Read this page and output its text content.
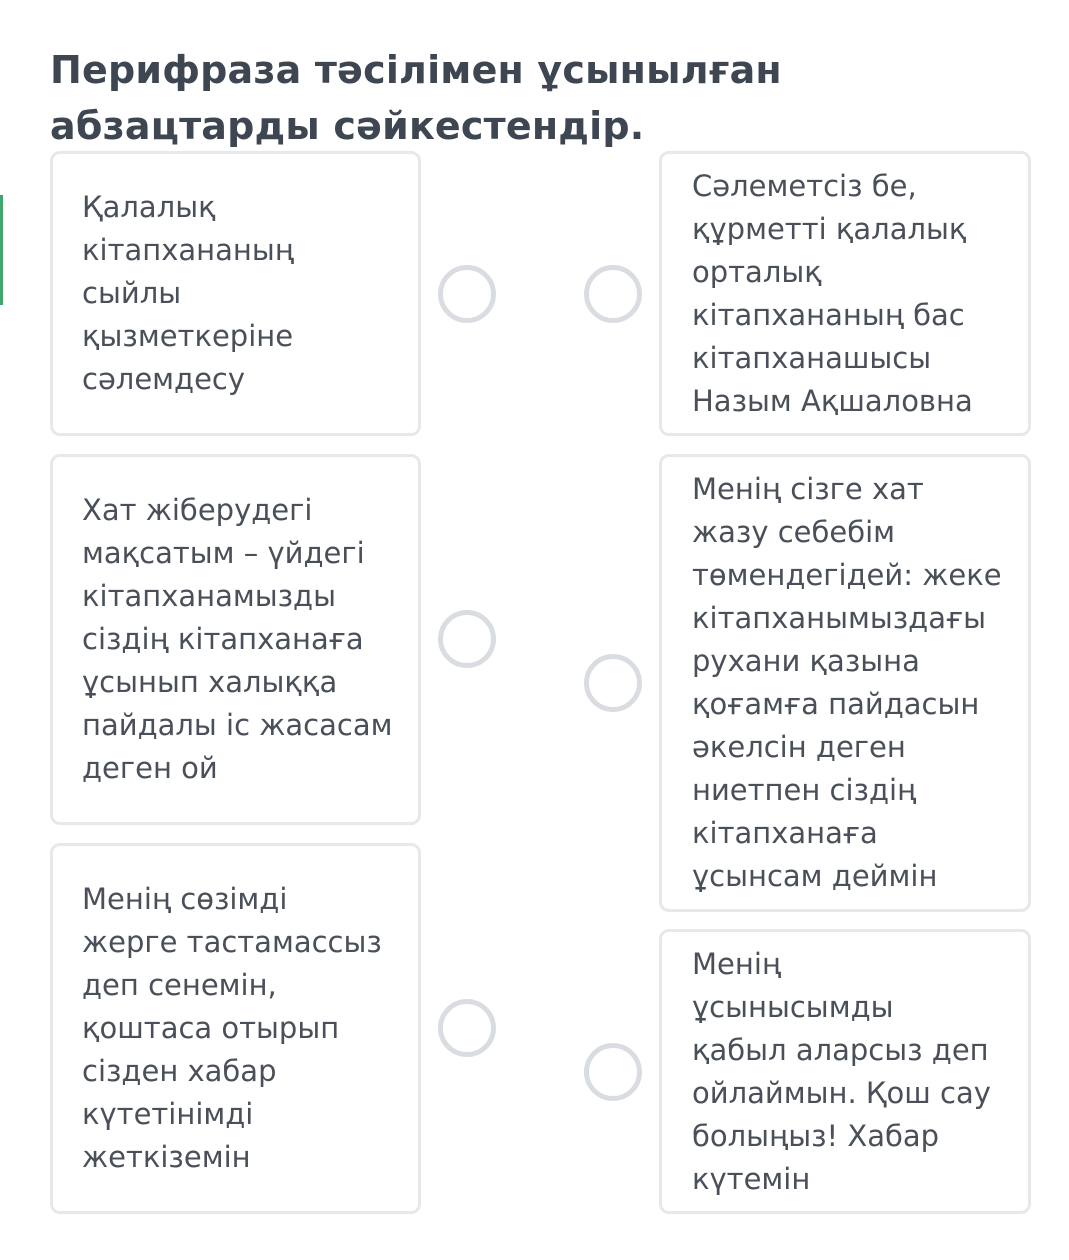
Перифраза тәсілімен ұсынылған абзацтарды сәйкестендір.
Қалалық
кітапхананың
сыйлы
қызметкеріне
сәлемдесу
Хат жіберудегі
мақсатым – үйдегі
кітапханамызды
сіздің кітапханаға
ұсынып халыққа
пайдалы іс жасасам
деген ой
Менің сөзімді
жерге тастамассыз
деп сенемін,
қоштаса отырып
сізден хабар
күтетінімді
жеткіземін
Сәлеметсіз бе,
құрметті қалалық
орталық
кітапхананың бас
кітапханашысы
Назым Ақшаловна
Менің сізге хат
жазу себебім
төмендегідей: жеке
кітапханымыздағы
рухани қазына
қоғамға пайдасын
әкелсін деген
ниетпен сіздің
кітапханаға
ұсынсам деймін
Менің
ұсынысымды
қабыл аларсыз деп
ойлаймын. Қош сау
болыңыз! Хабар
күтемін
